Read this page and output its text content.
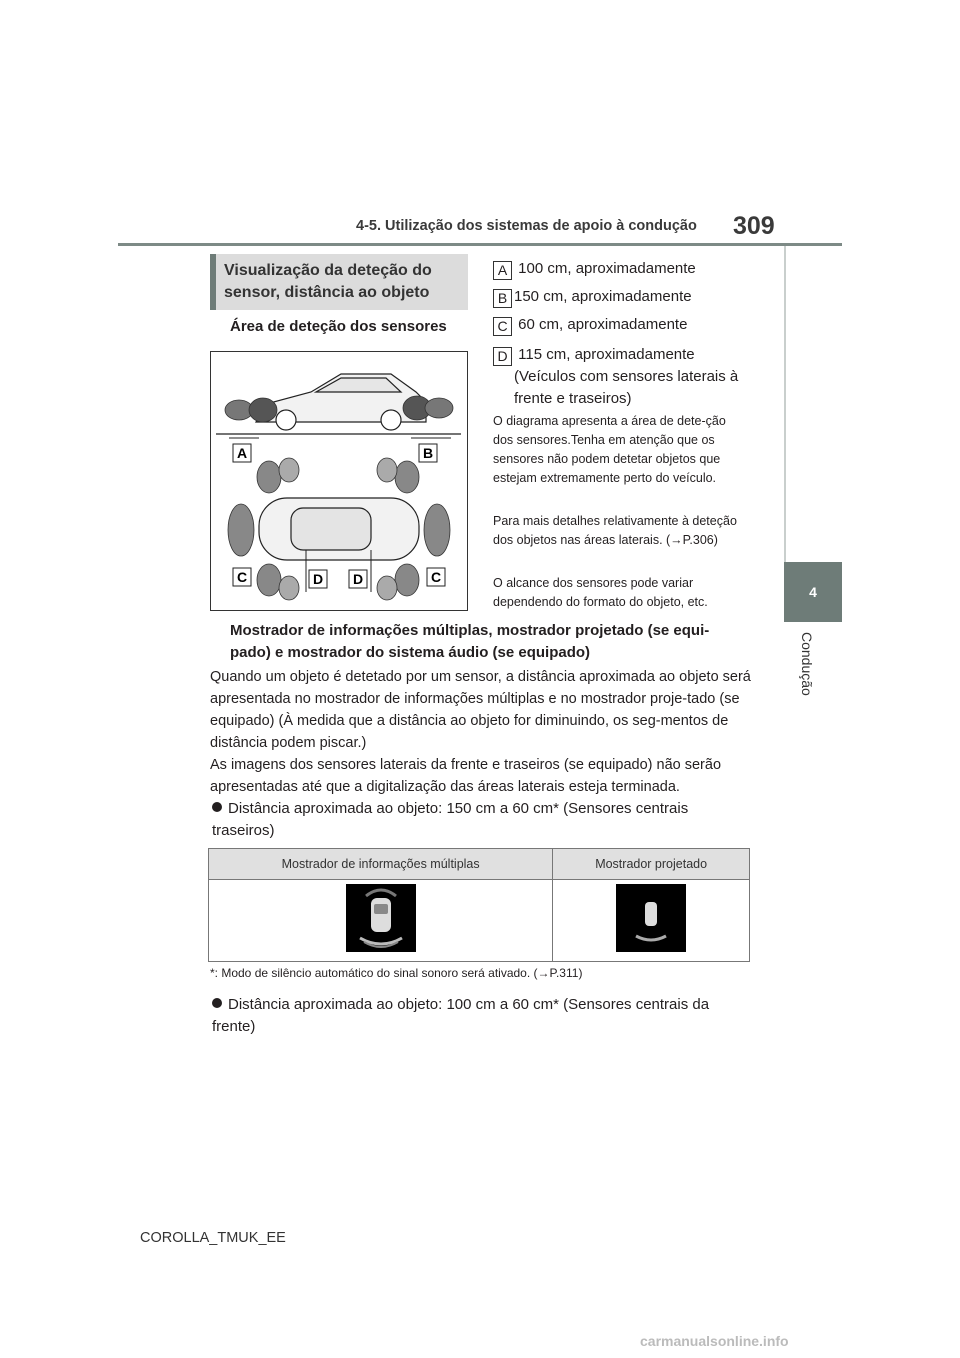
4-5. Utilização dos sistemas de apoio à condução 309
4
Condução
Visualização da deteção do sensor, distância ao objeto
Área de deteção dos sensores
A	B
C	D D	C
A 100 cm, aproximadamente
B 150 cm, aproximadamente
C 60 cm, aproximadamente
D 115 cm, aproximadamente
(Veículos com sensores laterais à frente e traseiros)
O diagrama apresenta a área de dete-ção dos sensores.Tenha em atenção que os sensores não podem detetar objetos que estejam extremamente perto do veículo.
Para mais detalhes relativamente à deteção dos objetos nas áreas laterais. (→P.306)
O alcance dos sensores pode variar dependendo do formato do objeto, etc.
Mostrador de informações múltiplas, mostrador projetado (se equi-pado) e mostrador do sistema áudio (se equipado)
Quando um objeto é detetado por um sensor, a distância aproximada ao objeto será apresentada no mostrador de informações múltiplas e no mostrador proje-tado (se equipado) (À medida que a distância ao objeto for diminuindo, os seg-mentos de distância podem piscar.)
As imagens dos sensores laterais da frente e traseiros (se equipado) não serão apresentadas até que a digitalização das áreas laterais esteja terminada.
Distância aproximada ao objeto: 150 cm a 60 cm* (Sensores centrais traseiros)
Mostrador de informações múltiplas	Mostrador projetado

*: Modo de silêncio automático do sinal sonoro será ativado. (→P.311)
Distância aproximada ao objeto: 100 cm a 60 cm* (Sensores centrais da frente)
COROLLA_TMUK_EE
carmanualsonline.info
